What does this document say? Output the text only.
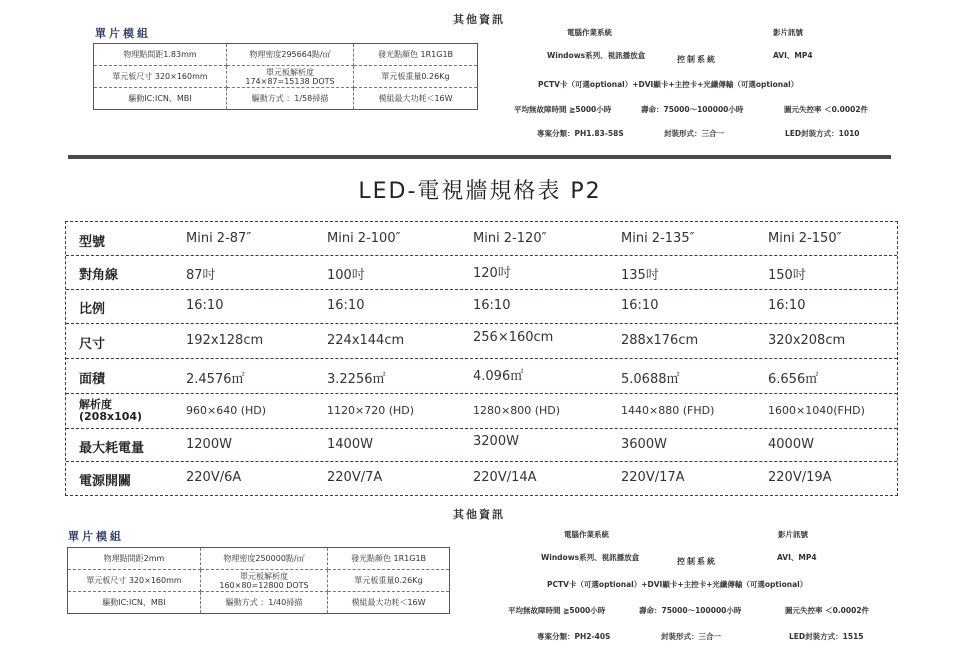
其他資訊
單片模組
物理點間距1.83mm	物理密度295664點/㎡	發光點顏色 1R1G1B
單元板尺寸 320×160mm	單元板解析度
174×87=15138 DOTS	單元板重量0.26Kg
驅動IC:ICN、MBI	驅動方式 ：1/58掃描	模組最大功耗＜16W
電腦作業系統	影片訊號
Windows系列、視訊播放盒	控制系統	AVI、MP4
PCTV卡（可選optional）+DVI顯卡+主控卡+光纖傳輸（可選optional）
平均無故障時間 ≧5000小時	壽命：75000～100000小時	圖元失控率 ＜0.0002件
專案分類：PH1.83-58S	封裝形式：三合一	LED封裝方式：1010
LED-電視牆規格表 P2
型號	Mini 2-87″	Mini 2-100″	Mini 2-120″	Mini 2-135″	Mini 2-150″
對角線	87吋	100吋	120吋	135吋	150吋
比例	16:10	16:10	16:10	16:10	16:10
尺寸	192x128cm	224x144cm	256×160cm	288x176cm	320x208cm
面積	2.4576㎡	3.2256㎡	4.096㎡	5.0688㎡	6.656㎡
解析度
(208x104)	960×640 (HD)	1120×720 (HD)	1280×800 (HD)	1440×880 (FHD)	1600×1040(FHD)
最大耗電量	1200W	1400W	3200W	3600W	4000W
電源開關	220V/6A	220V/7A	220V/14A	220V/17A	220V/19A
其他資訊
單片模組
物理點間距2mm	物理密度250000點/㎡	發光點顏色 1R1G1B
單元板尺寸 320×160mm	單元板解析度
160×80=12800 DOTS	單元板重量0.26Kg
驅動IC:ICN、MBI	驅動方式 ：1/40掃描	模組最大功耗＜16W
電腦作業系統	影片訊號
Windows系列、視訊播放盒	控制系統	AVI、MP4
PCTV卡（可選optional）+DVI顯卡+主控卡+光纖傳輸（可選optional）
平均無故障時間 ≧5000小時	壽命：75000～100000小時	圖元失控率 ＜0.0002件
專案分類：PH2-40S	封裝形式：三合一	LED封裝方式：1515
